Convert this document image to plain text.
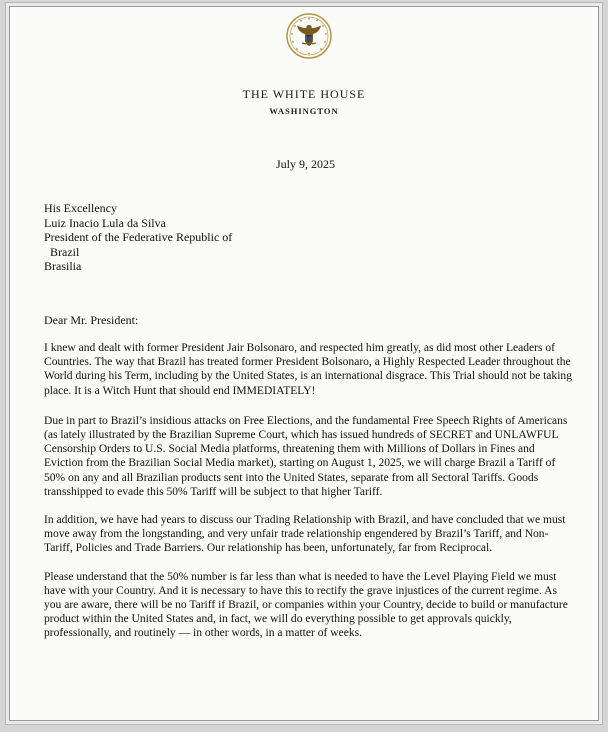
THE WHITE HOUSE
WASHINGTON
July 9, 2025
His Excellency
Luiz Inacio Lula da Silva
President of the Federative Republic of
Brazil
Brasilia
Dear Mr. President:

I knew and dealt with former President Jair Bolsonaro, and respected him greatly, as did most other Leaders of Countries. The way that Brazil has treated former President Bolsonaro, a Highly Respected Leader throughout the World during his Term, including by the United States, is an international disgrace. This Trial should not be taking place. It is a Witch Hunt that should end IMMEDIATELY!

Due in part to Brazil’s insidious attacks on Free Elections, and the fundamental Free Speech Rights of Americans (as lately illustrated by the Brazilian Supreme Court, which has issued hundreds of SECRET and UNLAWFUL Censorship Orders to U.S. Social Media platforms, threatening them with Millions of Dollars in Fines and Eviction from the Brazilian Social Media market), starting on August 1, 2025, we will charge Brazil a Tariff of 50% on any and all Brazilian products sent into the United States, separate from all Sectoral Tariffs. Goods transshipped to evade this 50% Tariff will be subject to that higher Tariff.

In addition, we have had years to discuss our Trading Relationship with Brazil, and have concluded that we must move away from the longstanding, and very unfair trade relationship engendered by Brazil’s Tariff, and Non-Tariff, Policies and Trade Barriers. Our relationship has been, unfortunately, far from Reciprocal.

Please understand that the 50% number is far less than what is needed to have the Level Playing Field we must have with your Country. And it is necessary to have this to rectify the grave injustices of the current regime. As you are aware, there will be no Tariff if Brazil, or companies within your Country, decide to build or manufacture product within the United States and, in fact, we will do everything possible to get approvals quickly, professionally, and routinely — in other words, in a matter of weeks.
